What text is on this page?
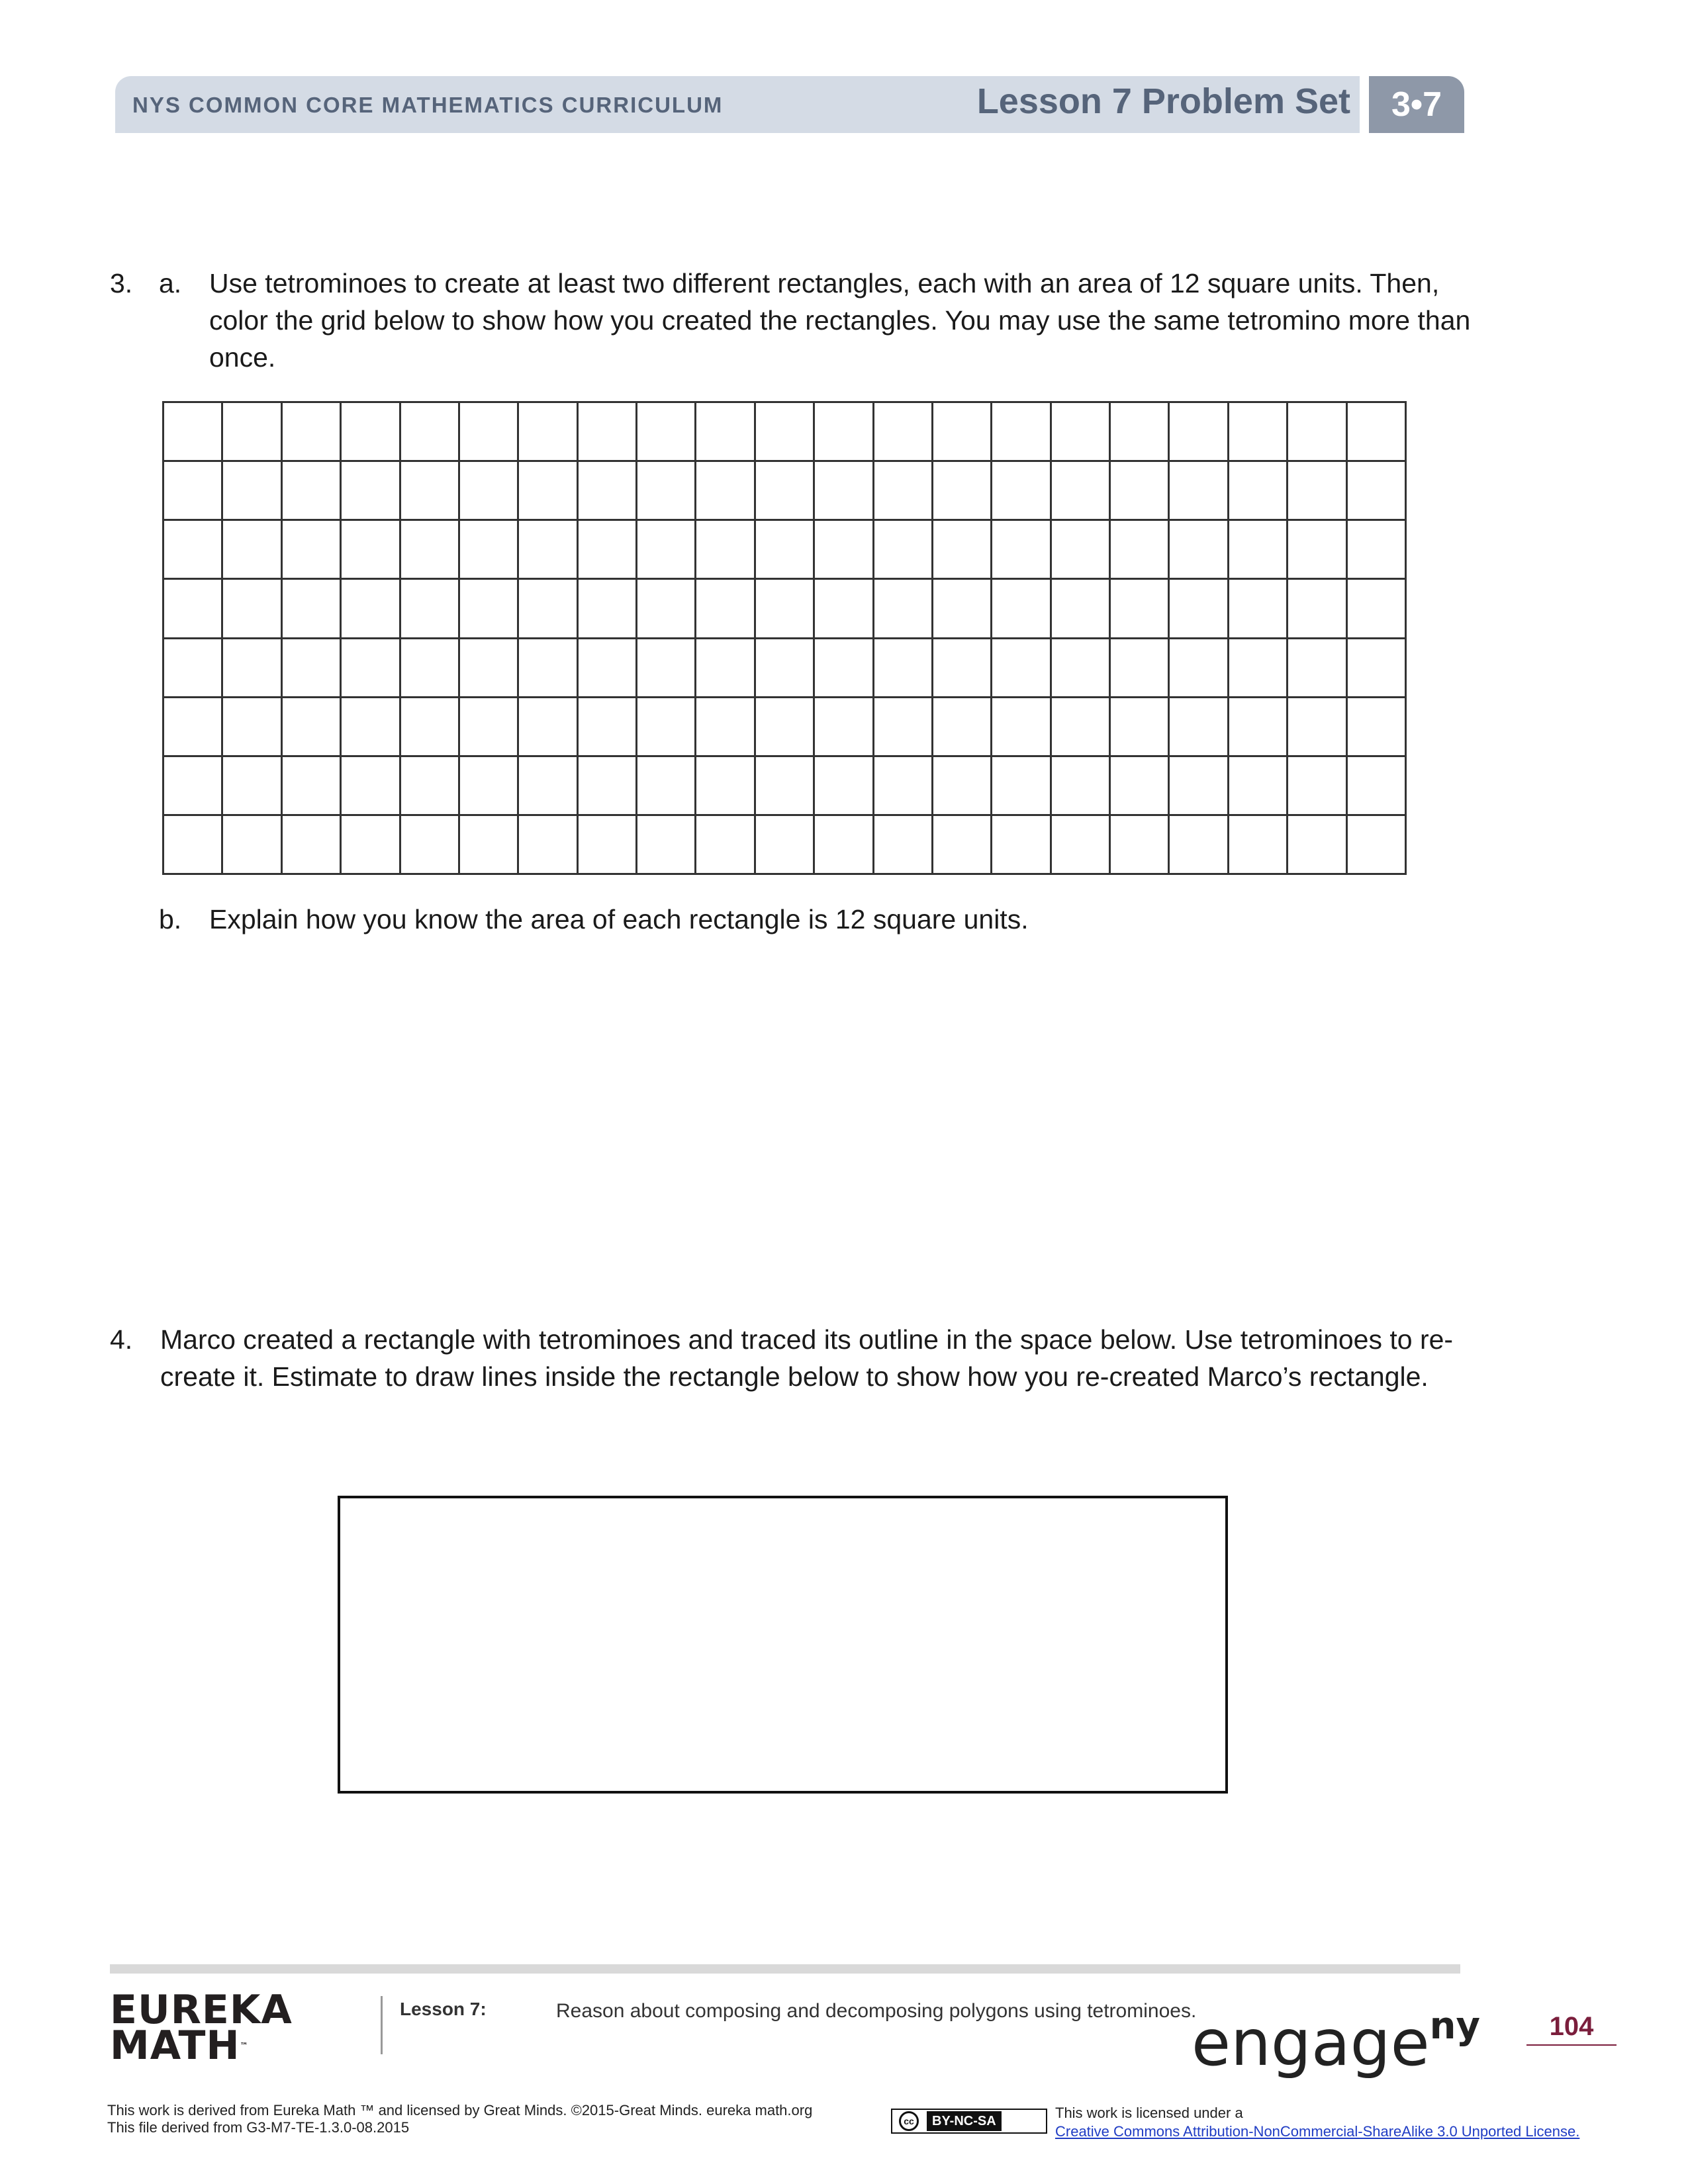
NYS COMMON CORE MATHEMATICS CURRICULUM	Lesson 7 Problem Set	3•7
3. a. Use tetrominoes to create at least two different rectangles, each with an area of 12 square units. Then, color the grid below to show how you created the rectangles. You may use the same tetromino more than once.
b. Explain how you know the area of each rectangle is 12 square units.
4. Marco created a rectangle with tetrominoes and traced its outline in the space below. Use tetrominoes to re-create it. Estimate to draw lines inside the rectangle below to show how you re-created Marco’s rectangle.
EUREKA
MATH™
Lesson 7:	Reason about composing and decomposing polygons using tetrominoes.
engage$^{ny}$	104
This work is derived from Eureka Math ™ and licensed by Great Minds. ©2015-Great Minds. eureka math.org
This file derived from G3-M7-TE-1.3.0-08.2015	cc	BY-NC-SA	This work is licensed under a
Creative Commons Attribution-NonCommercial-ShareAlike 3.0 Unported License.
